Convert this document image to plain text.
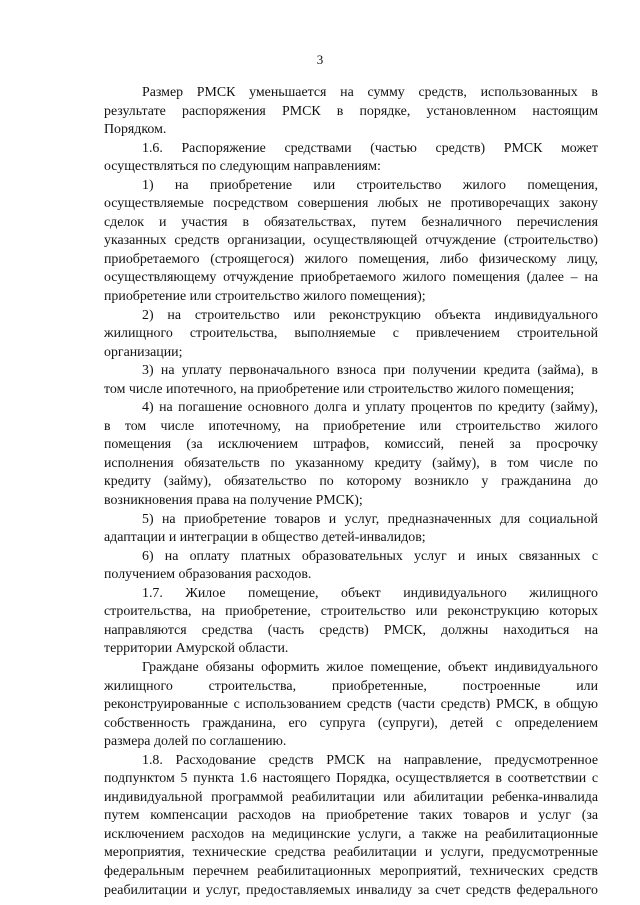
3
Размер РМСК уменьшается на сумму средств, использованных в
результате распоряжения РМСК в порядке, установленном настоящим
Порядком.
1.6. Распоряжение средствами (частью средств) РМСК может
осуществляться по следующим направлениям:
1) на приобретение или строительство жилого помещения,
осуществляемые посредством совершения любых не противоречащих закону
сделок и участия в обязательствах, путем безналичного перечисления
указанных средств организации, осуществляющей отчуждение (строительство)
приобретаемого (строящегося) жилого помещения, либо физическому лицу,
осуществляющему отчуждение приобретаемого жилого помещения (далее – на
приобретение или строительство жилого помещения);
2) на строительство или реконструкцию объекта индивидуального
жилищного строительства, выполняемые с привлечением строительной
организации;
3) на уплату первоначального взноса при получении кредита (займа), в
том числе ипотечного, на приобретение или строительство жилого помещения;
4) на погашение основного долга и уплату процентов по кредиту (займу),
в том числе ипотечному, на приобретение или строительство жилого
помещения (за исключением штрафов, комиссий, пеней за просрочку
исполнения обязательств по указанному кредиту (займу), в том числе по
кредиту (займу), обязательство по которому возникло у гражданина до
возникновения права на получение РМСК);
5) на приобретение товаров и услуг, предназначенных для социальной
адаптации и интеграции в общество детей-инвалидов;
6) на оплату платных образовательных услуг и иных связанных с
получением образования расходов.
1.7. Жилое помещение, объект индивидуального жилищного
строительства, на приобретение, строительство или реконструкцию которых
направляются средства (часть средств) РМСК, должны находиться на
территории Амурской области.
Граждане обязаны оформить жилое помещение, объект индивидуального
жилищного строительства, приобретенные, построенные или
реконструированные с использованием средств (части средств) РМСК, в общую
собственность гражданина, его супруга (супруги), детей с определением
размера долей по соглашению.
1.8. Расходование средств РМСК на направление, предусмотренное
подпунктом 5 пункта 1.6 настоящего Порядка, осуществляется в соответствии с
индивидуальной программой реабилитации или абилитации ребенка-инвалида
путем компенсации расходов на приобретение таких товаров и услуг (за
исключением расходов на медицинские услуги, а также на реабилитационные
мероприятия, технические средства реабилитации и услуги, предусмотренные
федеральным перечнем реабилитационных мероприятий, технических средств
реабилитации и услуг, предоставляемых инвалиду за счет средств федерального
